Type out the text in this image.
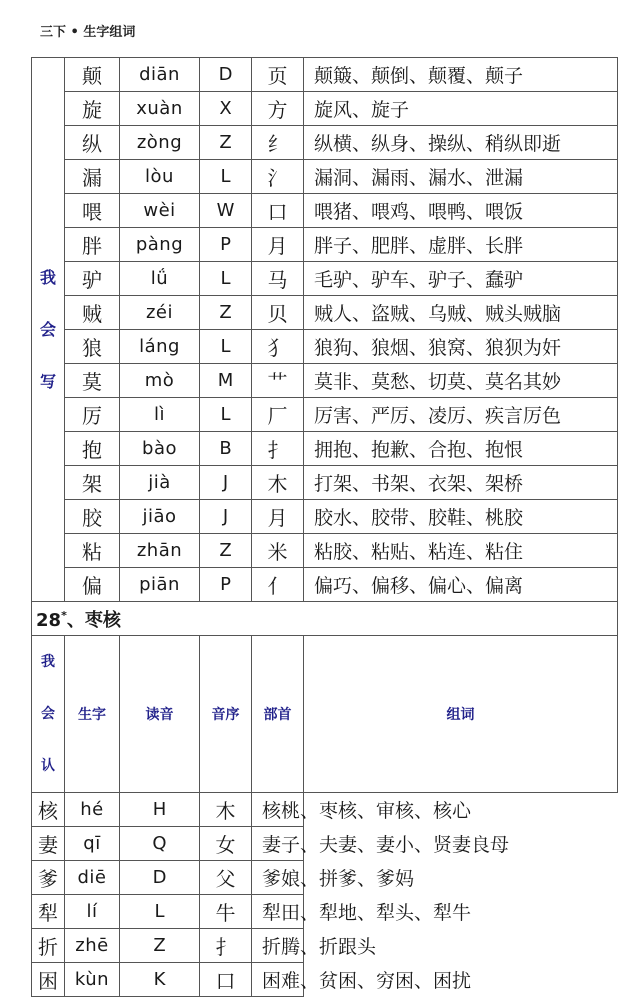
三下 • 生字组词
我
会
写	颠	diān	D	页	颠簸、颠倒、颠覆、颠子
	旋	xuàn	X	方	旋风、旋子
	纵	zòng	Z	纟	纵横、纵身、操纵、稍纵即逝
	漏	lòu	L	氵	漏洞、漏雨、漏水、泄漏
	喂	wèi	W	口	喂猪、喂鸡、喂鸭、喂饭
	胖	pàng	P	月	胖子、肥胖、虚胖、长胖
	驴	lǘ	L	马	毛驴、驴车、驴子、蠢驴
	贼	zéi	Z	贝	贼人、盗贼、乌贼、贼头贼脑
	狼	láng	L	犭	狼狗、狼烟、狼窝、狼狈为奸
	莫	mò	M	艹	莫非、莫愁、切莫、莫名其妙
	厉	lì	L	厂	厉害、严厉、凌厉、疾言厉色
	抱	bào	B	扌	拥抱、抱歉、合抱、抱恨
	架	jià	J	木	打架、书架、衣架、架桥
	胶	jiāo	J	月	胶水、胶带、胶鞋、桃胶
	粘	zhān	Z	米	粘胶、粘贴、粘连、粘住
	偏	piān	P	亻	偏巧、偏移、偏心、偏离
28*、枣核					

我
会
认	生字	读音	音序	部首	组词
核	hé	H	木	核桃、枣核、审核、核心	
妻	qī	Q	女	妻子、夫妻、妻小、贤妻良母	
爹	diē	D	父	爹娘、拼爹、爹妈	
犁	lí	L	牛	犁田、犁地、犁头、犁牛	
折	zhē	Z	扌	折腾、折跟头	
困	kùn	K	口	困难、贫困、穷困、困扰	
